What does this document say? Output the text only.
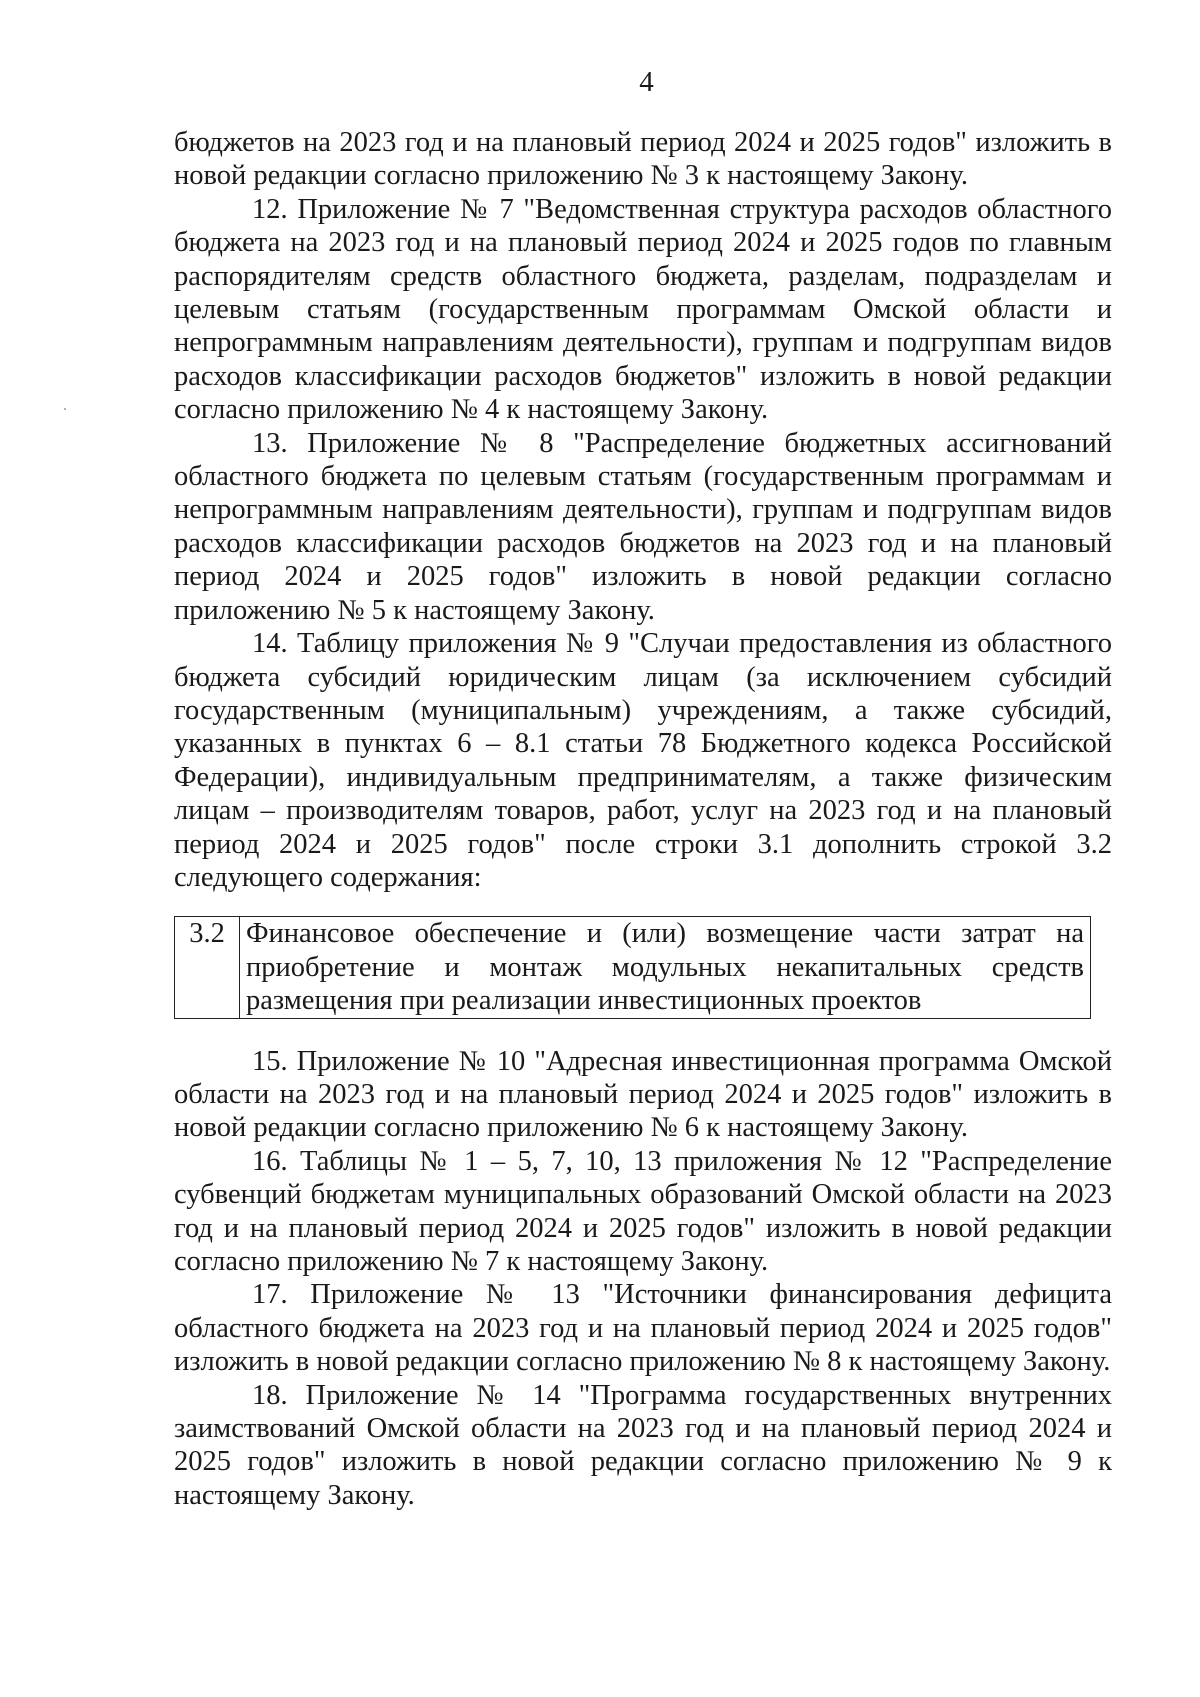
4

бюджетов на 2023 год и на плановый период 2024 и 2025 годов" изложить в новой редакции согласно приложению № 3 к настоящему Закону.

12. Приложение № 7 "Ведомственная структура расходов областного бюджета на 2023 год и на плановый период 2024 и 2025 годов по главным распорядителям средств областного бюджета, разделам, подразделам и целевым статьям (государственным программам Омской области и непрограммным направлениям деятельности), группам и подгруппам видов расходов классификации расходов бюджетов" изложить в новой редакции согласно приложению № 4 к настоящему Закону.

13. Приложение № 8 "Распределение бюджетных ассигнований областного бюджета по целевым статьям (государственным программам и непрограммным направлениям деятельности), группам и подгруппам видов расходов классификации расходов бюджетов на 2023 год и на плановый период 2024 и 2025 годов" изложить в новой редакции согласно приложению № 5 к настоящему Закону.

14. Таблицу приложения № 9 "Случаи предоставления из областного бюджета субсидий юридическим лицам (за исключением субсидий государственным (муниципальным) учреждениям, а также субсидий, указанных в пунктах 6 – 8.1 статьи 78 Бюджетного кодекса Российской Федерации), индивидуальным предпринимателям, а также физическим лицам – производителям товаров, работ, услуг на 2023 год и на плановый период 2024 и 2025 годов" после строки 3.1 дополнить строкой 3.2 следующего содержания:

3.2	Финансовое обеспечение и (или) возмещение части затрат на приобретение и монтаж модульных некапитальных средств размещения при реализации инвестиционных проектов

15. Приложение № 10 "Адресная инвестиционная программа Омской области на 2023 год и на плановый период 2024 и 2025 годов" изложить в новой редакции согласно приложению № 6 к настоящему Закону.

16. Таблицы № 1 – 5, 7, 10, 13 приложения № 12 "Распределение субвенций бюджетам муниципальных образований Омской области на 2023 год и на плановый период 2024 и 2025 годов" изложить в новой редакции согласно приложению № 7 к настоящему Закону.

17. Приложение № 13 "Источники финансирования дефицита областного бюджета на 2023 год и на плановый период 2024 и 2025 годов" изложить в новой редакции согласно приложению № 8 к настоящему Закону.

18. Приложение № 14 "Программа государственных внутренних заимствований Омской области на 2023 год и на плановый период 2024 и 2025 годов" изложить в новой редакции согласно приложению № 9 к настоящему Закону.
